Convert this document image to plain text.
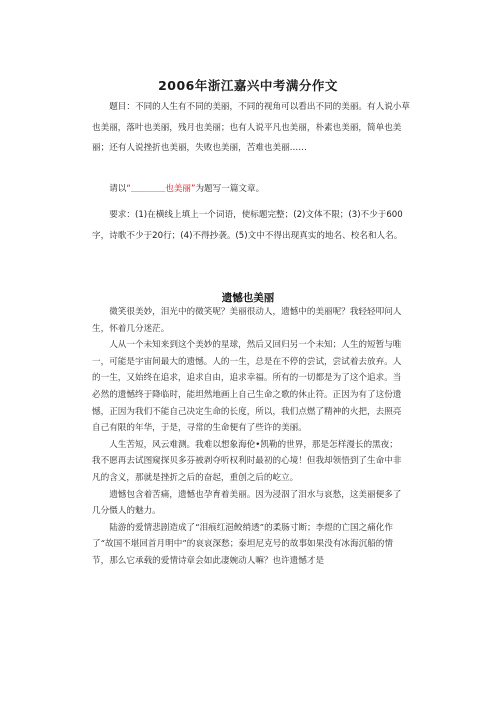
2006年浙江嘉兴中考满分作文

题目：不同的人生有不同的美丽，不同的视角可以看出不同的美丽。有人说小草也美丽，落叶也美丽，残月也美丽；也有人说平凡也美丽，朴素也美丽，简单也美丽；还有人说挫折也美丽，失败也美丽，苦难也美丽……

请以“＿＿＿＿也美丽”为题写一篇文章。

要求：(1)在横线上填上一个词语，使标题完整；(2)文体不限；(3)不少于600字，诗歌不少于20行；(4)不得抄袭。(5)文中不得出现真实的地名、校名和人名。

遗憾也美丽

微笑很美妙，泪光中的微笑呢？美丽很动人，遗憾中的美丽呢？我轻轻叩问人生，怀着几分迷茫。

人从一个未知来到这个美妙的星球，然后又回归另一个未知；人生的短暂与唯一，可能是宇宙间最大的遗憾。人的一生，总是在不停的尝试，尝试着去放弃。人的一生，又始终在追求，追求自由，追求幸福。所有的一切都是为了这个追求。当必然的遗憾终于降临时，能坦然地画上自己生命之歌的休止符。正因为有了这份遗憾，正因为我们不能自己决定生命的长度，所以，我们点燃了精神的火把，去照亮自己有限的年华，于是，寻常的生命便有了些许的美丽。

人生苦短，风云难测。我难以想象海伦•凯勒的世界，那是怎样漫长的黑夜；我不愿再去试图窥探贝多芬被剥夺听权利时最初的心境！但我却领悟到了生命中非凡的含义，那就是挫折之后的奋起，重创之后的屹立。

遗憾包含着苦痛，遗憾也孕育着美丽。因为浸泅了泪水与哀愁，这美丽便多了几分慑人的魅力。

陆游的爱情悲剧造成了“泪痕红浥鲛绡透”的柔肠寸断；李煜的亡国之痛化作了“故国不堪回首月明中”的哀哀深愁；泰坦尼克号的故事如果没有冰海沉船的情节，那么它承载的爱情诗章会如此凄婉动人嘛？也许遗憾才是
